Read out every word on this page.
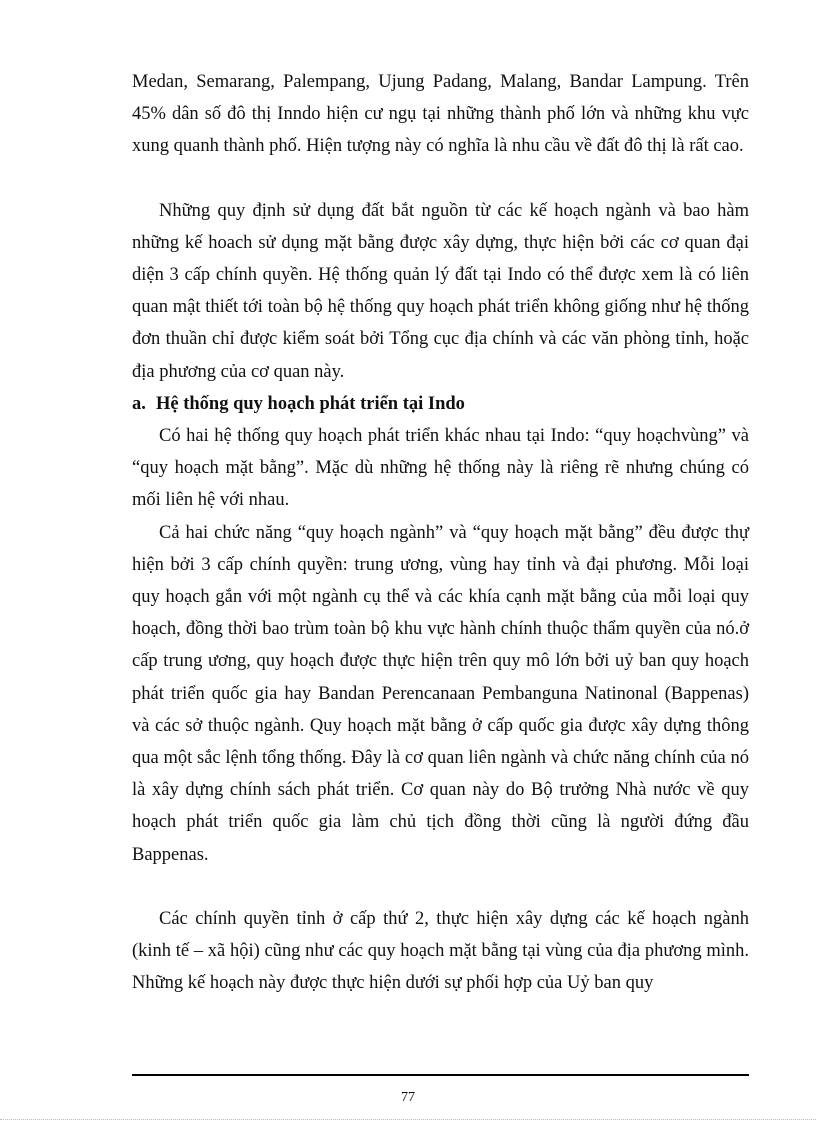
Medan, Semarang, Palempang, Ujung Padang, Malang, Bandar Lampung. Trên 45% dân số đô thị Inndo hiện cư ngụ tại những thành phố lớn và những khu vực xung quanh thành phố. Hiện tượng này có nghĩa là nhu cầu về đất đô thị là rất cao.

Những quy định sử dụng đất bắt nguồn từ các kế hoạch ngành và bao hàm những kế hoach sử dụng mặt bằng được xây dựng, thực hiện bởi các cơ quan đại diện 3 cấp chính quyền. Hệ thống quản lý đất tại Indo có thể được xem là có liên quan mật thiết tới toàn bộ hệ thống quy hoạch phát triển không giống như hệ thống đơn thuần chỉ được kiểm soát bởi Tổng cục địa chính và các văn phòng tỉnh, hoặc địa phương của cơ quan này.

a. Hệ thống quy hoạch phát triển tại Indo

Có hai hệ thống quy hoạch phát triển khác nhau tại Indo: “quy hoạchvùng” và “quy hoạch mặt bằng”. Mặc dù những hệ thống này là riêng rẽ nhưng chúng có mối liên hệ với nhau.

Cả hai chức năng “quy hoạch ngành” và “quy hoạch mặt bằng” đều được thự hiện bởi 3 cấp chính quyền: trung ương, vùng hay tỉnh và đại phương. Mỗi loại quy hoạch gắn với một ngành cụ thể và các khía cạnh mặt bằng của mỗi loại quy hoạch, đồng thời bao trùm toàn bộ khu vực hành chính thuộc thẩm quyền của nó.ở cấp trung ương, quy hoạch được thực hiện trên quy mô lớn bởi uỷ ban quy hoạch phát triển quốc gia hay Bandan Perencanaan Pembanguna Natinonal (Bappenas) và các sở thuộc ngành. Quy hoạch mặt bằng ở cấp quốc gia được xây dựng thông qua một sắc lệnh tổng thống. Đây là cơ quan liên ngành và chức năng chính của nó là xây dựng chính sách phát triển. Cơ quan này do Bộ trưởng Nhà nước về quy hoạch phát triển quốc gia làm chủ tịch đồng thời cũng là người đứng đầu Bappenas.

Các chính quyền tỉnh ở cấp thứ 2, thực hiện xây dựng các kế hoạch ngành (kinh tế – xã hội) cũng như các quy hoạch mặt bằng tại vùng của địa phương mình. Những kế hoạch này được thực hiện dưới sự phối hợp của Uỷ ban quy

77
